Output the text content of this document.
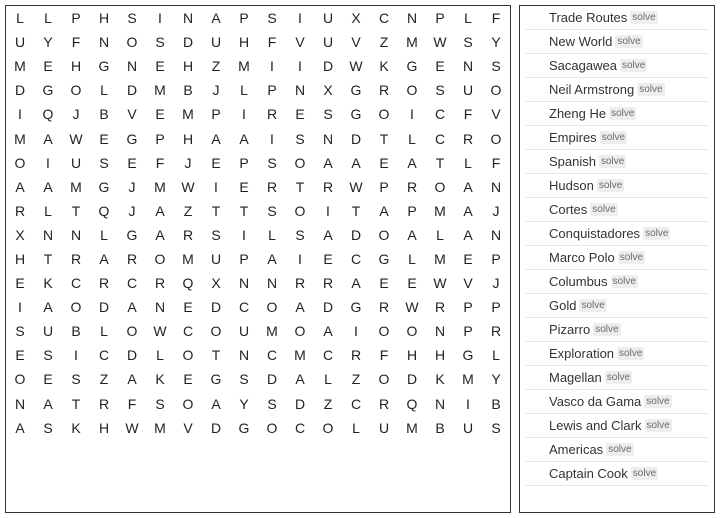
L	L	P	H	S	I	N	A	P	S	I	U	X	C	N	P	L	F
U	Y	F	N	O	S	D	U	H	F	V	U	V	Z	M	W	S	Y
M	E	H	G	N	E	H	Z	M	I	I	D	W	K	G	E	N	S
D	G	O	L	D	M	B	J	L	P	N	X	G	R	O	S	U	O
I	Q	J	B	V	E	M	P	I	R	E	S	G	O	I	C	F	V
M	A	W	E	G	P	H	A	A	I	S	N	D	T	L	C	R	O
O	I	U	S	E	F	J	E	P	S	O	A	A	E	A	T	L	F
A	A	M	G	J	M	W	I	E	R	T	R	W	P	R	O	A	N
R	L	T	Q	J	A	Z	T	T	S	O	I	T	A	P	M	A	J
X	N	N	L	G	A	R	S	I	L	S	A	D	O	A	L	A	N
H	T	R	A	R	O	M	U	P	A	I	E	C	G	L	M	E	P
E	K	C	R	C	R	Q	X	N	N	R	R	A	E	E	W	V	J
I	A	O	D	A	N	E	D	C	O	A	D	G	R	W	R	P	P
S	U	B	L	O	W	C	O	U	M	O	A	I	O	O	N	P	R
E	S	I	C	D	L	O	T	N	C	M	C	R	F	H	H	G	L
O	E	S	Z	A	K	E	G	S	D	A	L	Z	O	D	K	M	Y
N	A	T	R	F	S	O	A	Y	S	D	Z	C	R	Q	N	I	B
A	S	K	H	W	M	V	D	G	O	C	O	L	U	M	B	U	S
Trade Routes solve
New World solve
Sacagawea solve
Neil Armstrong solve
Zheng He solve
Empires solve
Spanish solve
Hudson solve
Cortes solve
Conquistadores solve
Marco Polo solve
Columbus solve
Gold solve
Pizarro solve
Exploration solve
Magellan solve
Vasco da Gama solve
Lewis and Clark solve
Americas solve
Captain Cook solve
